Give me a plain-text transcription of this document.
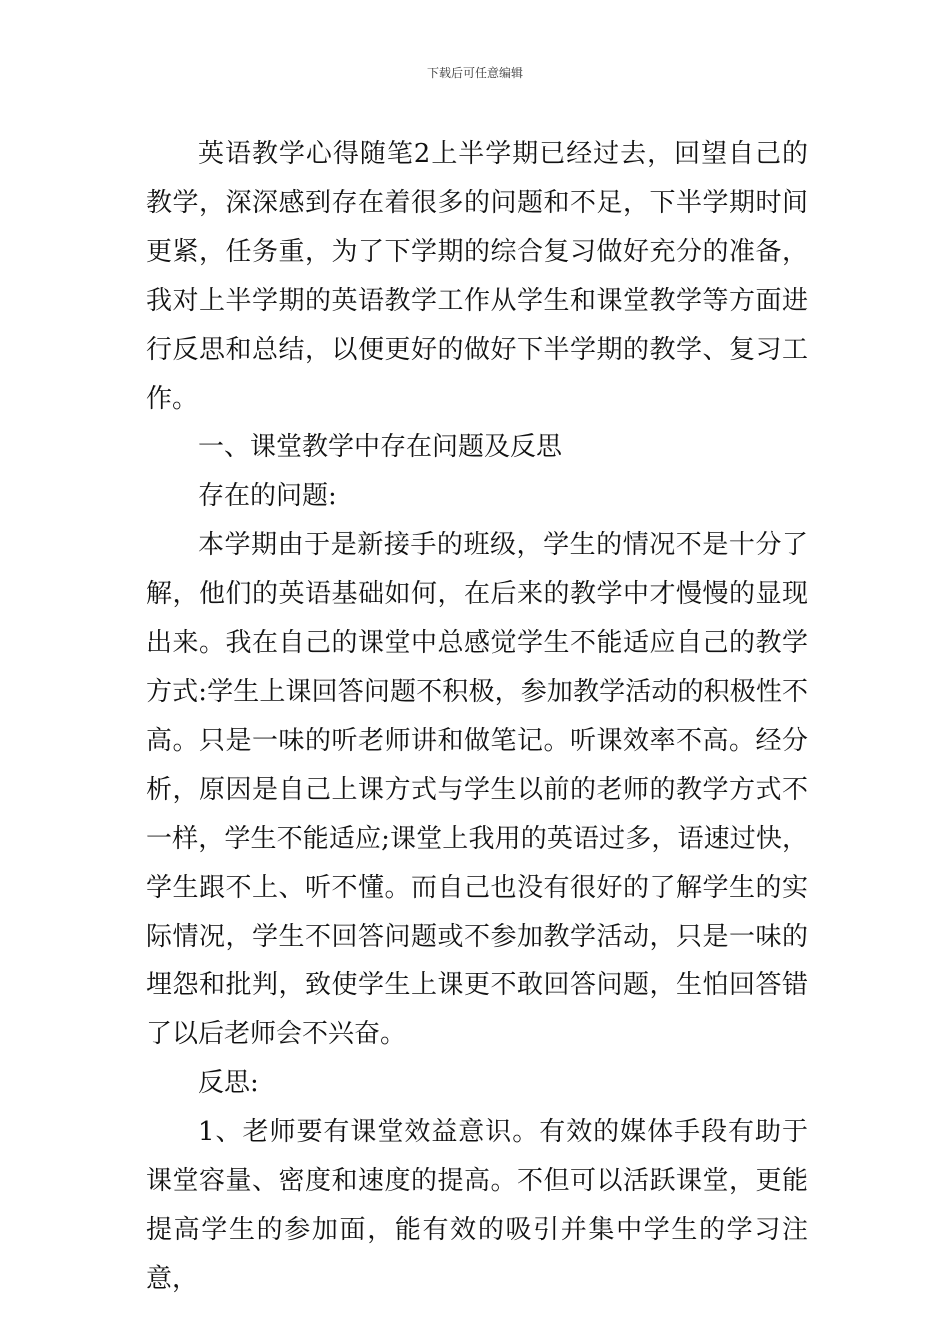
下载后可任意编辑

英语教学心得随笔2上半学期已经过去，回望自己的教学，深深感到存在着很多的问题和不足，下半学期时间更紧，任务重，为了下学期的综合复习做好充分的准备，我对上半学期的英语教学工作从学生和课堂教学等方面进行反思和总结，以便更好的做好下半学期的教学、复习工作。

一、课堂教学中存在问题及反思

存在的问题:

本学期由于是新接手的班级，学生的情况不是十分了解，他们的英语基础如何，在后来的教学中才慢慢的显现出来。我在自己的课堂中总感觉学生不能适应自己的教学方式:学生上课回答问题不积极，参加教学活动的积极性不高。只是一味的听老师讲和做笔记。听课效率不高。经分析，原因是自己上课方式与学生以前的老师的教学方式不一样，学生不能适应;课堂上我用的英语过多，语速过快，学生跟不上、听不懂。而自己也没有很好的了解学生的实际情况，学生不回答问题或不参加教学活动，只是一味的埋怨和批判，致使学生上课更不敢回答问题，生怕回答错了以后老师会不兴奋。

反思:

1、老师要有课堂效益意识。有效的媒体手段有助于课堂容量、密度和速度的提高。不但可以活跃课堂，更能提高学生的参加面，能有效的吸引并集中学生的学习注意，
